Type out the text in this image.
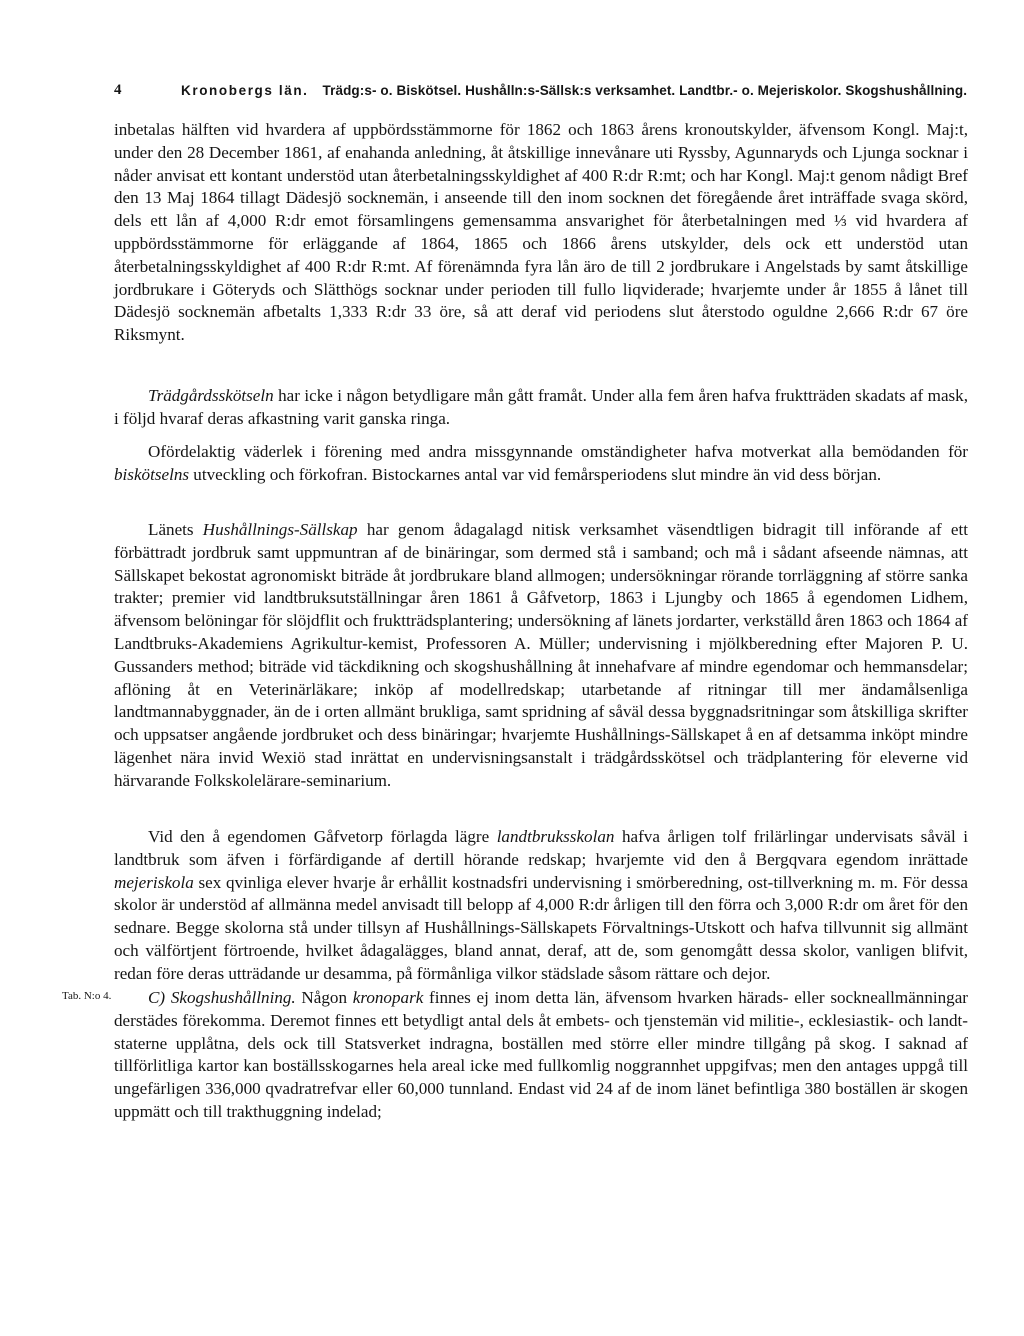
4	Kronobergs län. Trädg:s- o. Biskötsel. Hushålln:s-Sällsk:s verksamhet. Landtbr.- o. Mejeriskolor. Skogshushållning.

inbetalas hälften vid hvardera af uppbördsstämmorne för 1862 och 1863 årens kronoutskylder, äfvensom Kongl. Maj:t, under den 28 December 1861, af enahanda anledning, åt åtskillige innevånare uti Ryssby, Agunnaryds och Ljunga socknar i nåder anvisat ett kontant understöd utan återbetalningsskyldighet af 400 R:dr R:mt; och har Kongl. Maj:t genom nådigt Bref den 13 Maj 1864 tillagt Dädesjö socknemän, i anseende till den inom socknen det föregående året inträffade svaga skörd, dels ett lån af 4,000 R:dr emot församlingens gemensamma ansvarighet för återbetalningen med ⅓ vid hvardera af uppbördsstämmorne för erläggande af 1864, 1865 och 1866 årens utskylder, dels ock ett understöd utan återbetalningsskyldighet af 400 R:dr R:mt. Af förenämnda fyra lån äro de till 2 jordbrukare i Angelstads by samt åtskillige jordbrukare i Göteryds och Slätthögs socknar under perioden till fullo liqviderade; hvarjemte under år 1855 å lånet till Dädesjö socknemän afbetalts 1,333 R:dr 33 öre, så att deraf vid periodens slut återstodo oguldne 2,666 R:dr 67 öre Riksmynt.

Trädgårdsskötseln har icke i någon betydligare mån gått framåt. Under alla fem åren hafva fruktträden skadats af mask, i följd hvaraf deras afkastning varit ganska ringa.

Ofördelaktig väderlek i förening med andra missgynnande omständigheter hafva motverkat alla bemödanden för biskötselns utveckling och förkofran. Bistockarnes antal var vid femårsperiodens slut mindre än vid dess början.

Länets Hushållnings-Sällskap har genom ådagalagd nitisk verksamhet väsendtligen bidragit till införande af ett förbättradt jordbruk samt uppmuntran af de binäringar, som dermed stå i samband; och må i sådant afseende nämnas, att Sällskapet bekostat agronomiskt biträde åt jordbrukare bland allmogen; undersökningar rörande torrläggning af större sanka trakter; premier vid landtbruksutställningar åren 1861 å Gåfvetorp, 1863 i Ljungby och 1865 å egendomen Lidhem, äfvensom belöningar för slöjdflit och fruktträdsplantering; undersökning af länets jordarter, verkställd åren 1863 och 1864 af Landtbruks-Akademiens Agrikultur-kemist, Professoren A. Müller; undervisning i mjölkberedning efter Majoren P. U. Gussanders method; biträde vid täckdikning och skogshushållning åt innehafvare af mindre egendomar och hemmansdelar; aflöning åt en Veterinärläkare; inköp af modellredskap; utarbetande af ritningar till mer ändamålsenliga landtmannabyggnader, än de i orten allmänt brukliga, samt spridning af såväl dessa byggnadsritningar som åtskilliga skrifter och uppsatser angående jordbruket och dess binäringar; hvarjemte Hushållnings-Sällskapet å en af detsamma inköpt mindre lägenhet nära invid Wexiö stad inrättat en undervisningsanstalt i trädgårdsskötsel och trädplantering för eleverne vid härvarande Folkskolelärare-seminarium.

Vid den å egendomen Gåfvetorp förlagda lägre landtbruksskolan hafva årligen tolf frilärlingar undervisats såväl i landtbruk som äfven i förfärdigande af dertill hörande redskap; hvarjemte vid den å Bergqvara egendom inrättade mejeriskola sex qvinliga elever hvarje år erhållit kostnadsfri undervisning i smörberedning, ost-tillverkning m. m. För dessa skolor är understöd af allmänna medel anvisadt till belopp af 4,000 R:dr årligen till den förra och 3,000 R:dr om året för den sednare. Begge skolorna stå under tillsyn af Hushållnings-Sällskapets Förvaltnings-Utskott och hafva tillvunnit sig allmänt och välförtjent förtroende, hvilket ådagalägges, bland annat, deraf, att de, som genomgått dessa skolor, vanligen blifvit, redan före deras utträdande ur desamma, på förmånliga vilkor städslade såsom rättare och dejor.

Tab. N:o 4.	C) Skogshushållning. Någon kronopark finnes ej inom detta län, äfvensom hvarken härads- eller sockneallmänningar derstädes förekomma. Deremot finnes ett betydligt antal dels åt embets- och tjenstemän vid militie-, ecklesiastik- och landt-staterne upplåtna, dels ock till Statsverket indragna, boställen med större eller mindre tillgång på skog. I saknad af tillförlitliga kartor kan boställsskogarnes hela areal icke med fullkomlig noggrannhet uppgifvas; men den antages uppgå till ungefärligen 336,000 qvadratrefvar eller 60,000 tunnland. Endast vid 24 af de inom länet befintliga 380 boställen är skogen uppmätt och till trakthuggning indelad;
